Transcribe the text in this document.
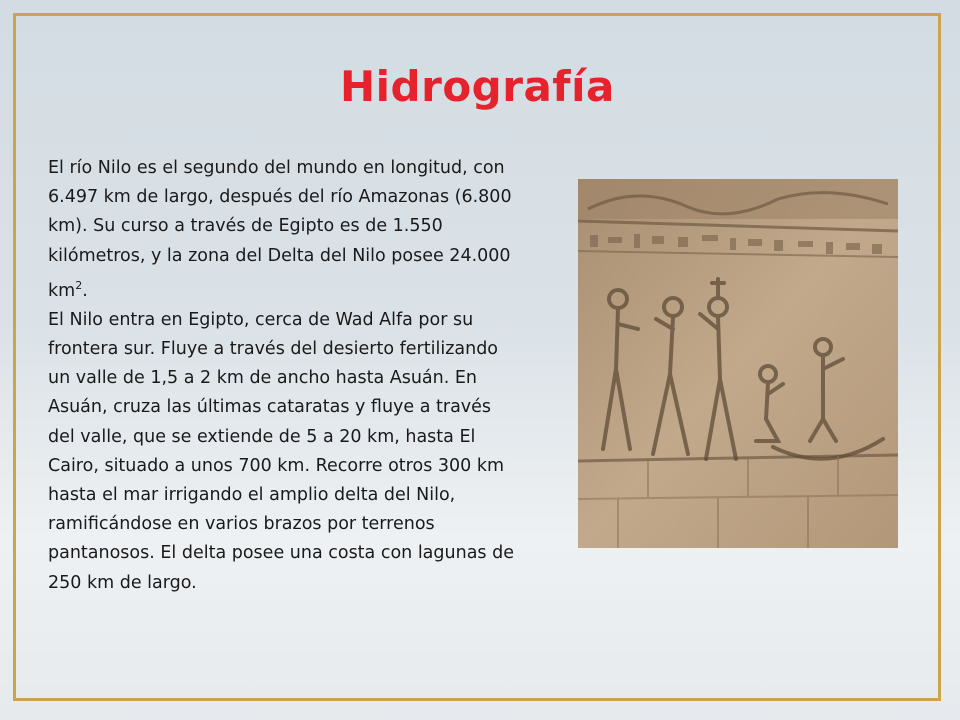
Hidrografía

El río Nilo es el segundo del mundo en longitud, con 6.497 km de largo, después del río Amazonas (6.800 km). Su curso a través de Egipto es de 1.550 kilómetros, y la zona del Delta del Nilo posee 24.000 $km^2$.

El Nilo entra en Egipto, cerca de Wad Alfa por su frontera sur. Fluye a través del desierto fertilizando un valle de 1,5 a 2 km de ancho hasta Asuán. En Asuán, cruza las últimas cataratas y fluye a través del valle, que se extiende de 5 a 20 km, hasta El Cairo, situado a unos 700 km. Recorre otros 300 km hasta el mar irrigando el amplio delta del Nilo, ramificándose en varios brazos por terrenos pantanosos. El delta posee una costa con lagunas de 250 km de largo.
